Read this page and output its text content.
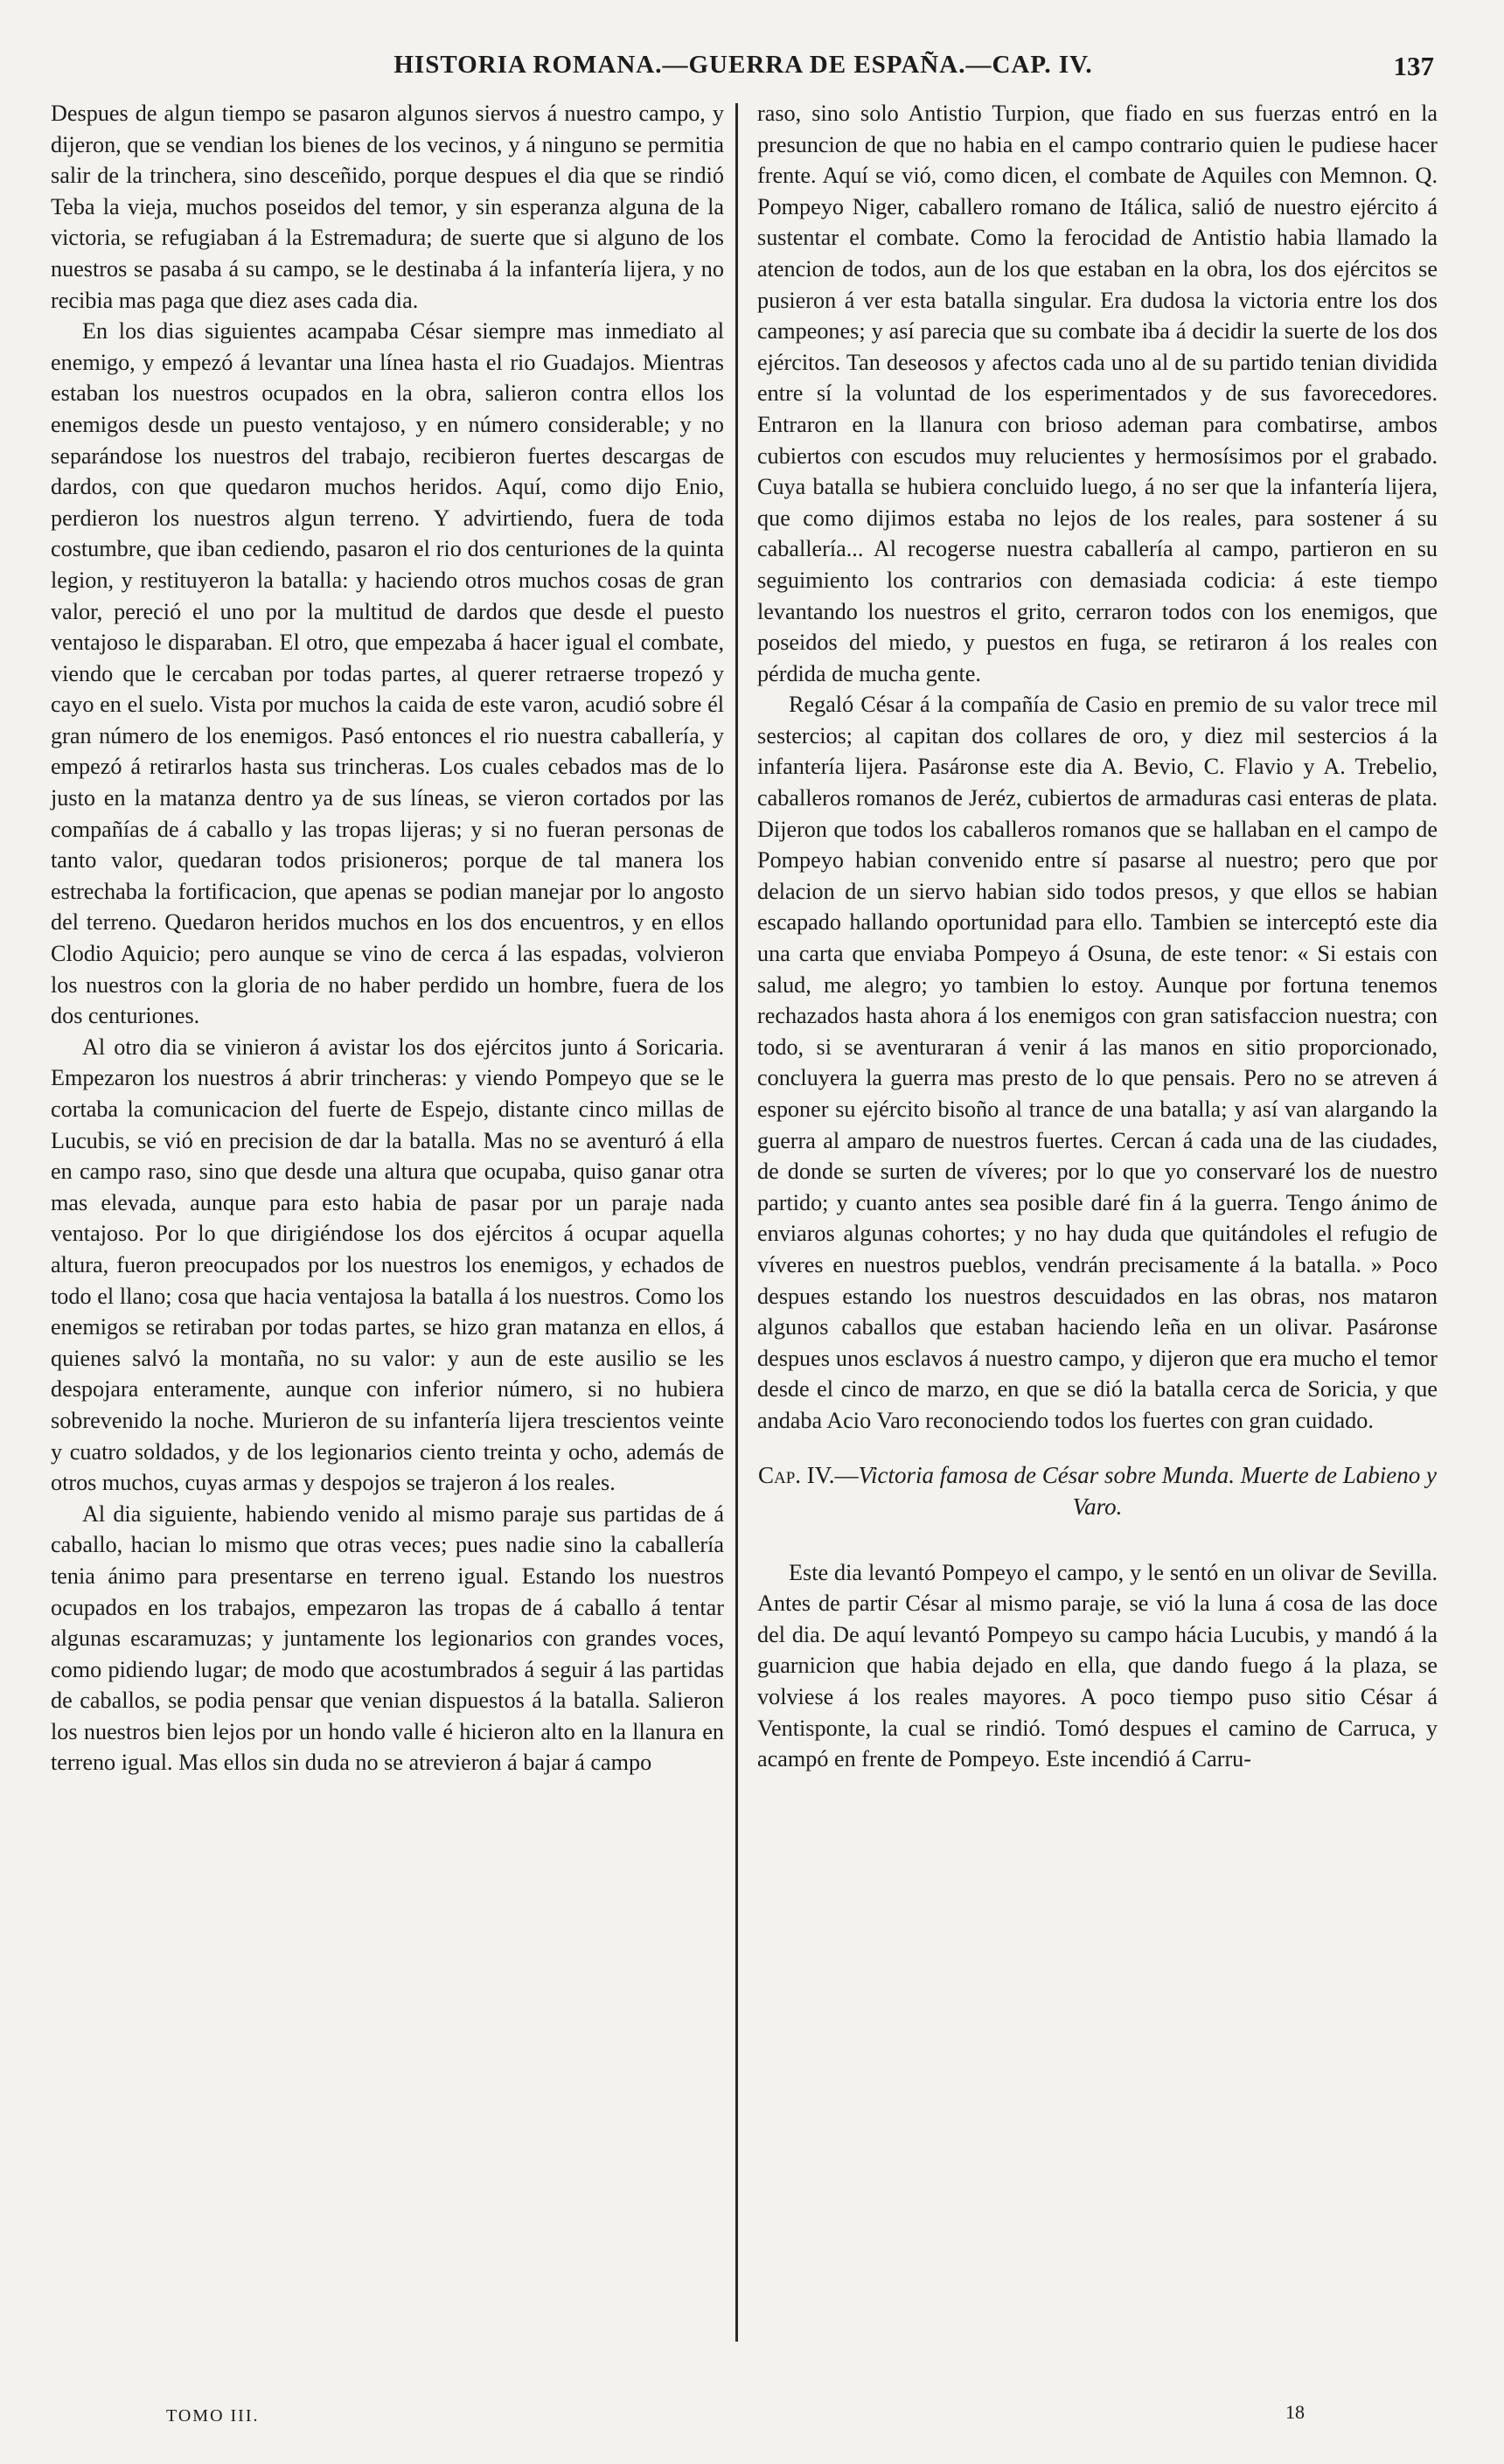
HISTORIA ROMANA.—GUERRA DE ESPAÑA.—CAP. IV.	137

Despues de algun tiempo se pasaron algunos siervos á nuestro campo, y dijeron, que se vendian los bienes de los vecinos, y á ninguno se permitia salir de la trinchera, sino desceñido, porque despues el dia que se rindió Teba la vieja, muchos poseidos del temor, y sin esperanza alguna de la victoria, se refugiaban á la Estremadura; de suerte que si alguno de los nuestros se pasaba á su campo, se le destinaba á la infantería lijera, y no recibia mas paga que diez ases cada dia.

En los dias siguientes acampaba César siempre mas inmediato al enemigo, y empezó á levantar una línea hasta el rio Guadajos. Mientras estaban los nuestros ocupados en la obra, salieron contra ellos los enemigos desde un puesto ventajoso, y en número considerable; y no separándose los nuestros del trabajo, recibieron fuertes descargas de dardos, con que quedaron muchos heridos. Aquí, como dijo Enio, perdieron los nuestros algun terreno. Y advirtiendo, fuera de toda costumbre, que iban cediendo, pasaron el rio dos centuriones de la quinta legion, y restituyeron la batalla: y haciendo otros muchos cosas de gran valor, pereció el uno por la multitud de dardos que desde el puesto ventajoso le disparaban. El otro, que empezaba á hacer igual el combate, viendo que le cercaban por todas partes, al querer retraerse tropezó y cayo en el suelo. Vista por muchos la caida de este varon, acudió sobre él gran número de los enemigos. Pasó entonces el rio nuestra caballería, y empezó á retirarlos hasta sus trincheras. Los cuales cebados mas de lo justo en la matanza dentro ya de sus líneas, se vieron cortados por las compañías de á caballo y las tropas lijeras; y si no fueran personas de tanto valor, quedaran todos prisioneros; porque de tal manera los estrechaba la fortificacion, que apenas se podian manejar por lo angosto del terreno. Quedaron heridos muchos en los dos encuentros, y en ellos Clodio Aquicio; pero aunque se vino de cerca á las espadas, volvieron los nuestros con la gloria de no haber perdido un hombre, fuera de los dos centuriones.

Al otro dia se vinieron á avistar los dos ejércitos junto á Soricaria. Empezaron los nuestros á abrir trincheras: y viendo Pompeyo que se le cortaba la comunicacion del fuerte de Espejo, distante cinco millas de Lucubis, se vió en precision de dar la batalla. Mas no se aventuró á ella en campo raso, sino que desde una altura que ocupaba, quiso ganar otra mas elevada, aunque para esto habia de pasar por un paraje nada ventajoso. Por lo que dirigiéndose los dos ejércitos á ocupar aquella altura, fueron preocupados por los nuestros los enemigos, y echados de todo el llano; cosa que hacia ventajosa la batalla á los nuestros. Como los enemigos se retiraban por todas partes, se hizo gran matanza en ellos, á quienes salvó la montaña, no su valor: y aun de este ausilio se les despojara enteramente, aunque con inferior número, si no hubiera sobrevenido la noche. Murieron de su infantería lijera trescientos veinte y cuatro soldados, y de los legionarios ciento treinta y ocho, además de otros muchos, cuyas armas y despojos se trajeron á los reales.

Al dia siguiente, habiendo venido al mismo paraje sus partidas de á caballo, hacian lo mismo que otras veces; pues nadie sino la caballería tenia ánimo para presentarse en terreno igual. Estando los nuestros ocupados en los trabajos, empezaron las tropas de á caballo á tentar algunas escaramuzas; y juntamente los legionarios con grandes voces, como pidiendo lugar; de modo que acostumbrados á seguir á las partidas de caballos, se podia pensar que venian dispuestos á la batalla. Salieron los nuestros bien lejos por un hondo valle é hicieron alto en la llanura en terreno igual. Mas ellos sin duda no se atrevieron á bajar á campo

raso, sino solo Antistio Turpion, que fiado en sus fuerzas entró en la presuncion de que no habia en el campo contrario quien le pudiese hacer frente. Aquí se vió, como dicen, el combate de Aquiles con Memnon. Q. Pompeyo Niger, caballero romano de Itálica, salió de nuestro ejército á sustentar el combate. Como la ferocidad de Antistio habia llamado la atencion de todos, aun de los que estaban en la obra, los dos ejércitos se pusieron á ver esta batalla singular. Era dudosa la victoria entre los dos campeones; y así parecia que su combate iba á decidir la suerte de los dos ejércitos. Tan deseosos y afectos cada uno al de su partido tenian dividida entre sí la voluntad de los esperimentados y de sus favorecedores. Entraron en la llanura con brioso ademan para combatirse, ambos cubiertos con escudos muy relucientes y hermosísimos por el grabado. Cuya batalla se hubiera concluido luego, á no ser que la infantería lijera, que como dijimos estaba no lejos de los reales, para sostener á su caballería... Al recogerse nuestra caballería al campo, partieron en su seguimiento los contrarios con demasiada codicia: á este tiempo levantando los nuestros el grito, cerraron todos con los enemigos, que poseidos del miedo, y puestos en fuga, se retiraron á los reales con pérdida de mucha gente.

Regaló César á la compañía de Casio en premio de su valor trece mil sestercios; al capitan dos collares de oro, y diez mil sestercios á la infantería lijera. Pasáronse este dia A. Bevio, C. Flavio y A. Trebelio, caballeros romanos de Jeréz, cubiertos de armaduras casi enteras de plata. Dijeron que todos los caballeros romanos que se hallaban en el campo de Pompeyo habian convenido entre sí pasarse al nuestro; pero que por delacion de un siervo habian sido todos presos, y que ellos se habian escapado hallando oportunidad para ello. Tambien se interceptó este dia una carta que enviaba Pompeyo á Osuna, de este tenor: « Si estais con salud, me alegro; yo tambien lo estoy. Aunque por fortuna tenemos rechazados hasta ahora á los enemigos con gran satisfaccion nuestra; con todo, si se aventuraran á venir á las manos en sitio proporcionado, concluyera la guerra mas presto de lo que pensais. Pero no se atreven á esponer su ejército bisoño al trance de una batalla; y así van alargando la guerra al amparo de nuestros fuertes. Cercan á cada una de las ciudades, de donde se surten de víveres; por lo que yo conservaré los de nuestro partido; y cuanto antes sea posible daré fin á la guerra. Tengo ánimo de enviaros algunas cohortes; y no hay duda que quitándoles el refugio de víveres en nuestros pueblos, vendrán precisamente á la batalla. » Poco despues estando los nuestros descuidados en las obras, nos mataron algunos caballos que estaban haciendo leña en un olivar. Pasáronse despues unos esclavos á nuestro campo, y dijeron que era mucho el temor desde el cinco de marzo, en que se dió la batalla cerca de Soricia, y que andaba Acio Varo reconociendo todos los fuertes con gran cuidado.

Cap. IV.—Victoria famosa de César sobre Munda. Muerte de Labieno y Varo.

Este dia levantó Pompeyo el campo, y le sentó en un olivar de Sevilla. Antes de partir César al mismo paraje, se vió la luna á cosa de las doce del dia. De aquí levantó Pompeyo su campo hácia Lucubis, y mandó á la guarnicion que habia dejado en ella, que dando fuego á la plaza, se volviese á los reales mayores. A poco tiempo puso sitio César á Ventisponte, la cual se rindió. Tomó despues el camino de Carruca, y acampó en frente de Pompeyo. Este incendió á Carru-

TOMO III.	18
